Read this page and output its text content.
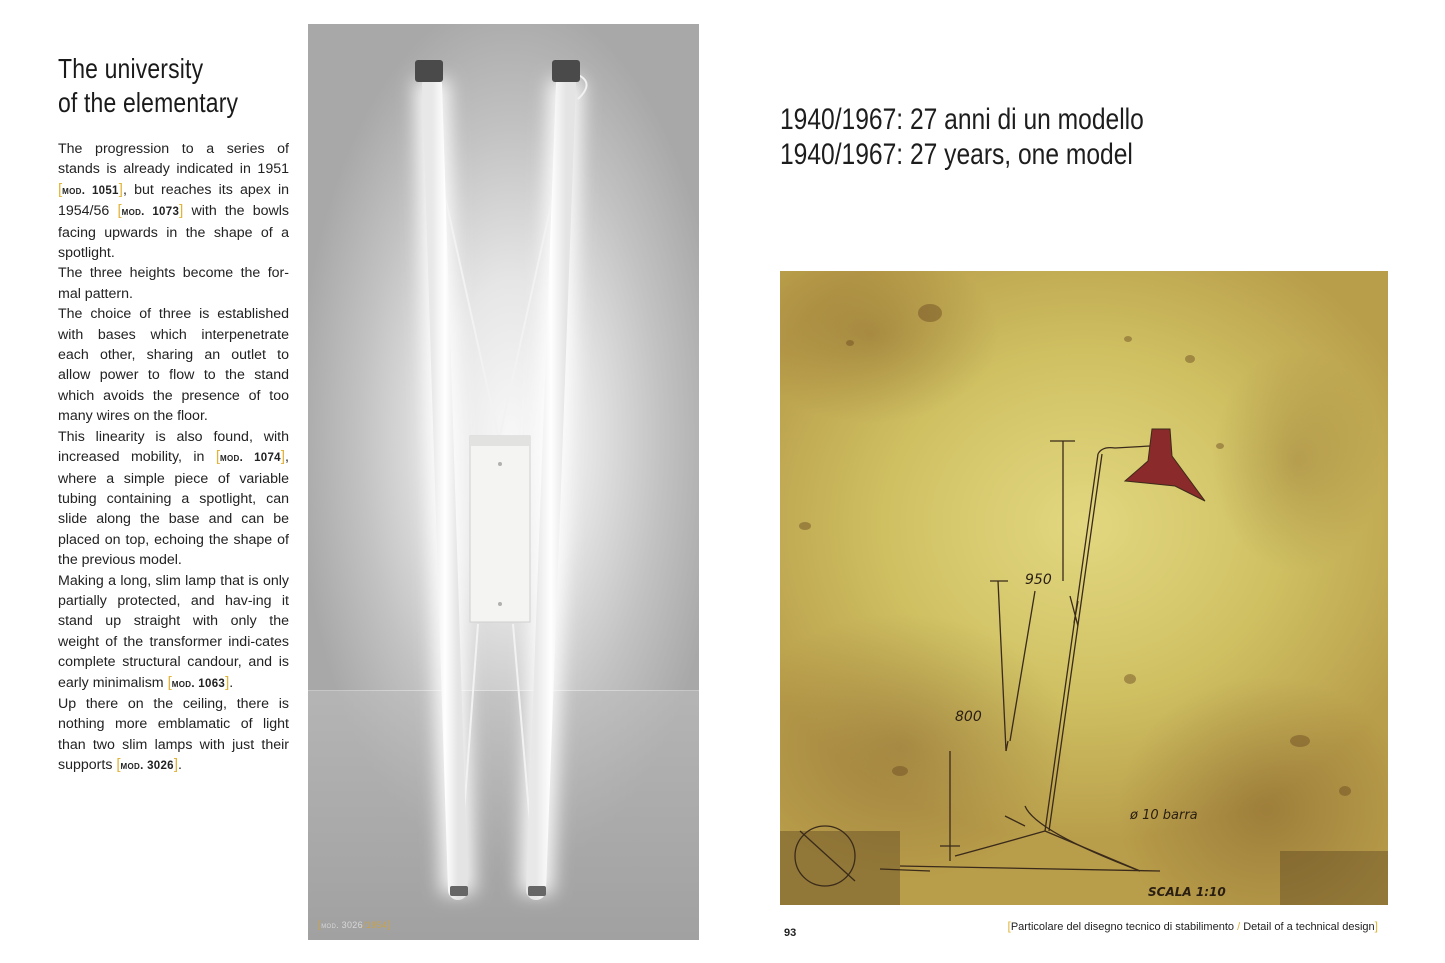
The university
of the elementary

The progression to a series of stands is already indicated in 1951 [mod. 1051], but reaches its apex in 1954/56 [mod. 1073] with the bowls facing upwards in the shape of a spotlight.

The three heights become the for-mal pattern.

The choice of three is established with bases which interpenetrate each other, sharing an outlet to allow power to flow to the stand which avoids the presence of too many wires on the floor.

This linearity is also found, with increased mobility, in [mod. 1074], where a simple piece of variable tubing containing a spotlight, can slide along the base and can be placed on top, echoing the shape of the previous model.

Making a long, slim lamp that is only partially protected, and hav-ing it stand up straight with only the weight of the transformer indi-cates complete structural candour, and is early minimalism [mod. 1063].

Up there on the ceiling, there is nothing more emblamatic of light than two slim lamps with just their supports [mod. 3026].

[mod. 3026/1954]
1940/1967: 27 anni di un modello
1940/1967: 27 years, one model
950
800
ø 10 barra
SCALA 1:10
93	[Particolare del disegno tecnico di stabilimento / Detail of a technical design]
